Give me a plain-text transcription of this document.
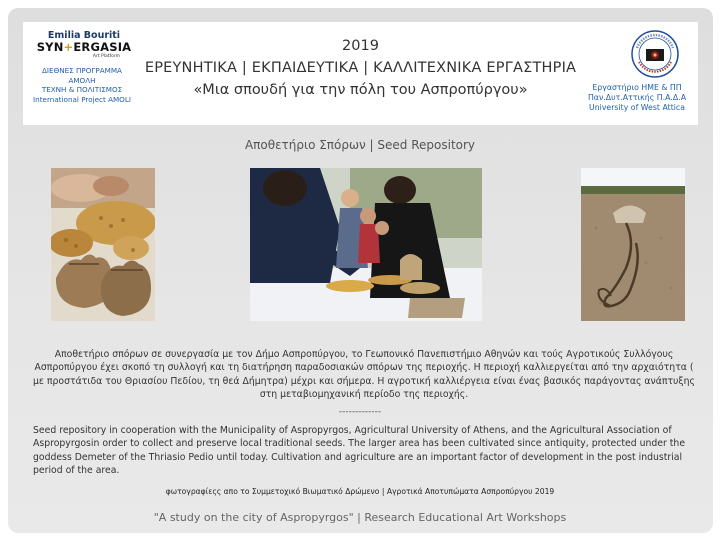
Emilia Bouriti
SYN+ERGASIA
Art Platform
ΔΙΕΘΝΕΣ ΠΡΟΓΡΑΜΜΑ
ΑΜΟΛΗ
ΤΕΧΝΗ & ΠΟΛΙΤΙΣΜΟΣ
International Project AMOLI
2019
ΕΡΕΥΝΗΤΙΚΑ | ΕΚΠΑΙΔΕΥΤΙΚΑ | ΚΑΛΛΙΤΕΧΝΙΚΑ ΕΡΓΑΣΤΗΡΙΑ
«Μια σπουδή για την πόλη του Ασπροπύργου»	Εργαστήριο ΗΜΕ & ΠΠ
Παν.Δυτ.Αττικής Π.Α.Δ.Α
University of West Attica
Αποθετήριο Σπόρων | Seed Repository
Αποθετήριο σπόρων σε συνεργασία με τον Δήμο Ασπροπύργου, το Γεωπονικό Πανεπιστήμιο Αθηνών και τούς Αγροτικούς Συλλόγους Ασπροπύργου έχει σκοπό τη συλλογή και τη διατήρηση παραδοσιακών σπόρων της περιοχής. Η περιοχή καλλιεργείται από την αρχαιότητα ( με προστάτιδα του Θριασίου Πεδίου, τη θεά Δήμητρα) μέχρι και σήμερα. Η αγροτική καλλιέργεια είναι ένας βασικός παράγοντας ανάπτυξης στη μεταβιομηχανική περίοδο της περιοχής.
-------------
Seed repository in cooperation with the Municipality of Aspropyrgos, Agricultural University of Athens, and the Agricultural Association of Aspropyrgosin order to collect and preserve local traditional seeds. The larger area has been cultivated since antiquity, protected under the goddess Demeter of the Thriasio Pedio until today. Cultivation and agriculture are an important factor of development in the post industrial period of the area.
φωτογραφίεςς απο το Συμμετοχικό Βιωματικό Δρώμενο | Αγροτικά Αποτυπώματα Ασπροπύργου 2019
"A study on the city of Aspropyrgos" | Research Educational Art Workshops
